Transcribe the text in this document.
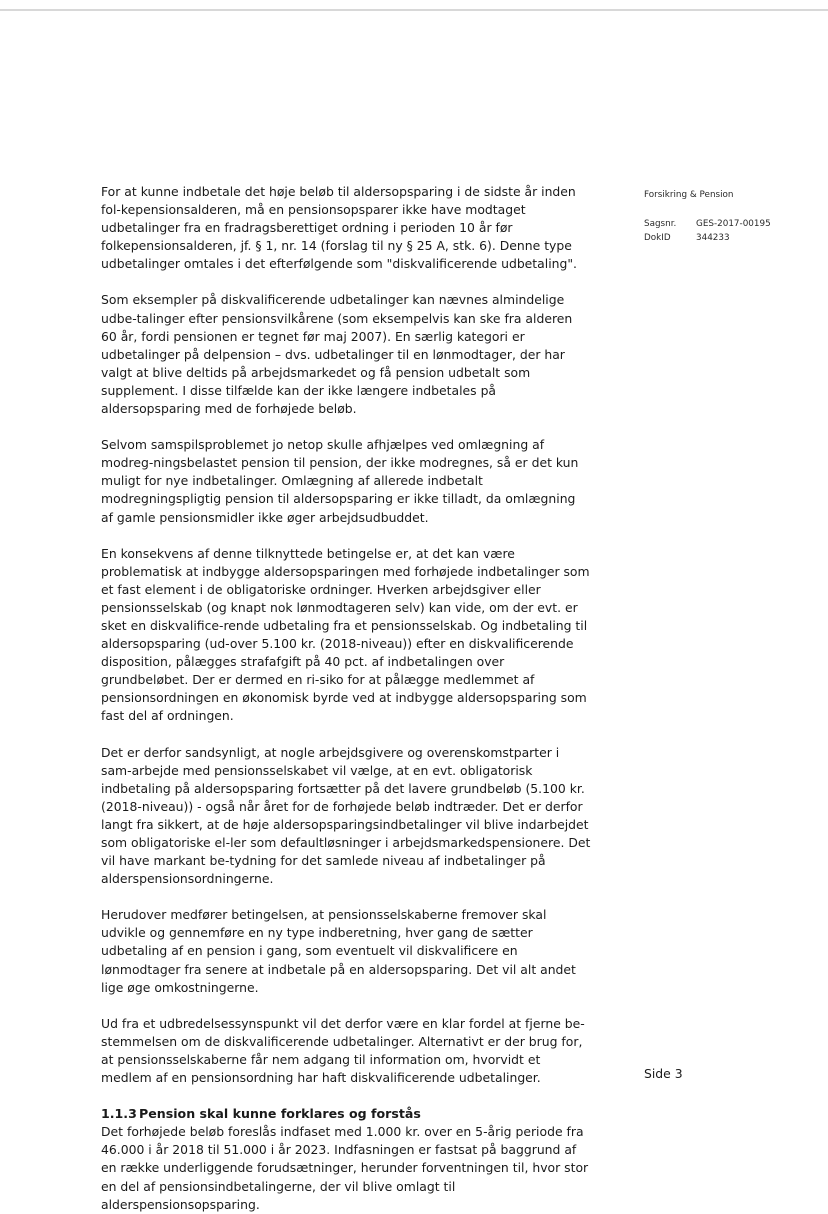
Forsikring & Pension
Sagsnr.	GES-2017-00195
DokID	344233

For at kunne indbetale det høje beløb til aldersopsparing i de sidste år inden fol-kepensionsalderen, må en pensionsopsparer ikke have modtaget udbetalinger fra en fradragsberettiget ordning i perioden 10 år før folkepensionsalderen, jf. § 1, nr. 14 (forslag til ny § 25 A, stk. 6). Denne type udbetalinger omtales i det efterfølgende som "diskvalificerende udbetaling".

Som eksempler på diskvalificerende udbetalinger kan nævnes almindelige udbe-talinger efter pensionsvilkårene (som eksempelvis kan ske fra alderen 60 år, fordi pensionen er tegnet før maj 2007). En særlig kategori er udbetalinger på delpension – dvs. udbetalinger til en lønmodtager, der har valgt at blive deltids på arbejdsmarkedet og få pension udbetalt som supplement. I disse tilfælde kan der ikke længere indbetales på aldersopsparing med de forhøjede beløb.

Selvom samspilsproblemet jo netop skulle afhjælpes ved omlægning af modreg-ningsbelastet pension til pension, der ikke modregnes, så er det kun muligt for nye indbetalinger. Omlægning af allerede indbetalt modregningspligtig pension til aldersopsparing er ikke tilladt, da omlægning af gamle pensionsmidler ikke øger arbejdsudbuddet.

En konsekvens af denne tilknyttede betingelse er, at det kan være problematisk at indbygge aldersopsparingen med forhøjede indbetalinger som et fast element i de obligatoriske ordninger. Hverken arbejdsgiver eller pensionsselskab (og knapt nok lønmodtageren selv) kan vide, om der evt. er sket en diskvalifice-rende udbetaling fra et pensionsselskab. Og indbetaling til aldersopsparing (ud-over 5.100 kr. (2018-niveau)) efter en diskvalificerende disposition, pålægges strafafgift på 40 pct. af indbetalingen over grundbeløbet. Der er dermed en ri-siko for at pålægge medlemmet af pensionsordningen en økonomisk byrde ved at indbygge aldersopsparing som fast del af ordningen.

Det er derfor sandsynligt, at nogle arbejdsgivere og overenskomstparter i sam-arbejde med pensionsselskabet vil vælge, at en evt. obligatorisk indbetaling på aldersopsparing fortsætter på det lavere grundbeløb (5.100 kr. (2018-niveau)) - også når året for de forhøjede beløb indtræder. Det er derfor langt fra sikkert, at de høje aldersopsparingsindbetalinger vil blive indarbejdet som obligatoriske el-ler som defaultløsninger i arbejdsmarkedspensionere. Det vil have markant be-tydning for det samlede niveau af indbetalinger på alderspensionsordningerne.

Herudover medfører betingelsen, at pensionsselskaberne fremover skal udvikle og gennemføre en ny type indberetning, hver gang de sætter udbetaling af en pension i gang, som eventuelt vil diskvalificere en lønmodtager fra senere at indbetale på en aldersopsparing. Det vil alt andet lige øge omkostningerne.

Ud fra et udbredelsessynspunkt vil det derfor være en klar fordel at fjerne be-stemmelsen om de diskvalificerende udbetalinger. Alternativt er der brug for, at pensionsselskaberne får nem adgang til information om, hvorvidt et medlem af en pensionsordning har haft diskvalificerende udbetalinger.

1.1.3 Pension skal kunne forklares og forstås

Det forhøjede beløb foreslås indfaset med 1.000 kr. over en 5-årig periode fra 46.000 i år 2018 til 51.000 i år 2023. Indfasningen er fastsat på baggrund af en række underliggende forudsætninger, herunder forventningen til, hvor stor en del af pensionsindbetalingerne, der vil blive omlagt til alderspensionsopsparing.

Side 3
